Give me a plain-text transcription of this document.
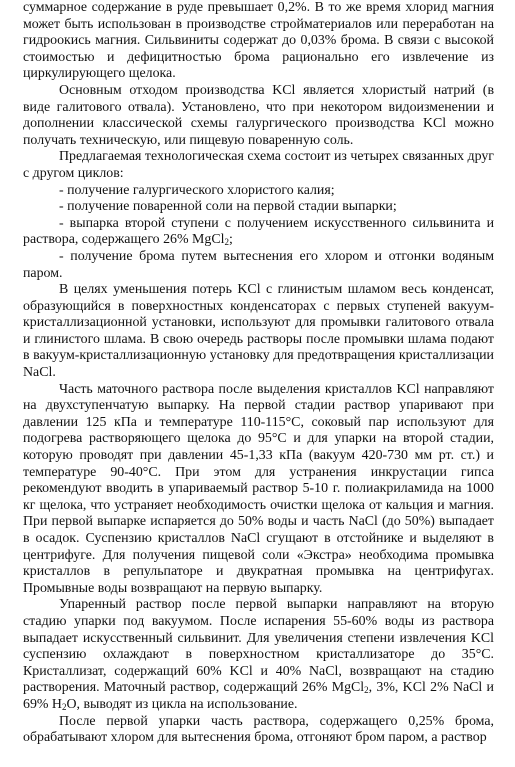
суммарное содержание в руде превышает 0,2%. В то же время хлорид магния может быть использован в производстве стройматериалов или переработан на гидроокись магния. Сильвиниты содержат до 0,03% брома. В связи с высокой стоимостью и дефицитностью брома рационально его извлечение из циркулирующего щелока.

Основным отходом производства KCl является хлористый натрий (в виде галитового отвала). Установлено, что при некотором видоизменении и дополнении классической схемы галургического производства KCl можно получать техническую, или пищевую поваренную соль.

Предлагаемая технологическая схема состоит из четырех связанных друг с другом циклов:

- получение галургического хлористого калия;

- получение поваренной соли на первой стадии выпарки;

- выпарка второй ступени с получением искусственного сильвинита и раствора, содержащего 26% MgCl$_2$;

- получение брома путем вытеснения его хлором и отгонки водяным паром.

В целях уменьшения потерь KCl с глинистым шламом весь конденсат, образующийся в поверхностных конденсаторах с первых ступеней вакуум-кристаллизационной установки, используют для промывки галитового отвала и глинистого шлама. В свою очередь растворы после промывки шлама подают в вакуум-кристаллизационную установку для предотвращения кристаллизации NaCl.

Часть маточного раствора после выделения кристаллов KCl направляют на двухступенчатую выпарку. На первой стадии раствор упаривают при давлении 125 кПа и температуре 110-115°C, соковый пар используют для подогрева растворяющего щелока до 95°C и для упарки на второй стадии, которую проводят при давлении 45-1,33 кПа (вакуум 420-730 мм рт. ст.) и температуре 90-40°C. При этом для устранения инкрустации гипса рекомендуют вводить в упариваемый раствор 5-10 г. полиакриламида на 1000 кг щелока, что устраняет необходимость очистки щелока от кальция и магния. При первой выпарке испаряется до 50% воды и часть NaCl (до 50%) выпадает в осадок. Суспензию кристаллов NaCl сгущают в отстойнике и выделяют в центрифуге. Для получения пищевой соли «Экстра» необходима промывка кристаллов в репульпаторе и двукратная промывка на центрифугах. Промывные воды возвращают на первую выпарку.

Упаренный раствор после первой выпарки направляют на вторую стадию упарки под вакуумом. После испарения 55-60% воды из раствора выпадает искусственный сильвинит. Для увеличения степени извлечения KCl суспензию охлаждают в поверхностном кристаллизаторе до 35°C. Кристаллизат, содержащий 60% KCl и 40% NaCl, возвращают на стадию растворения. Маточный раствор, содержащий 26% MgCl$_2$, 3%, KCl 2% NaCl и 69% $H_2O$, выводят из цикла на использование.

После первой упарки часть раствора, содержащего 0,25% брома, обрабатывают хлором для вытеснения брома, отгоняют бром паром, а раствор
